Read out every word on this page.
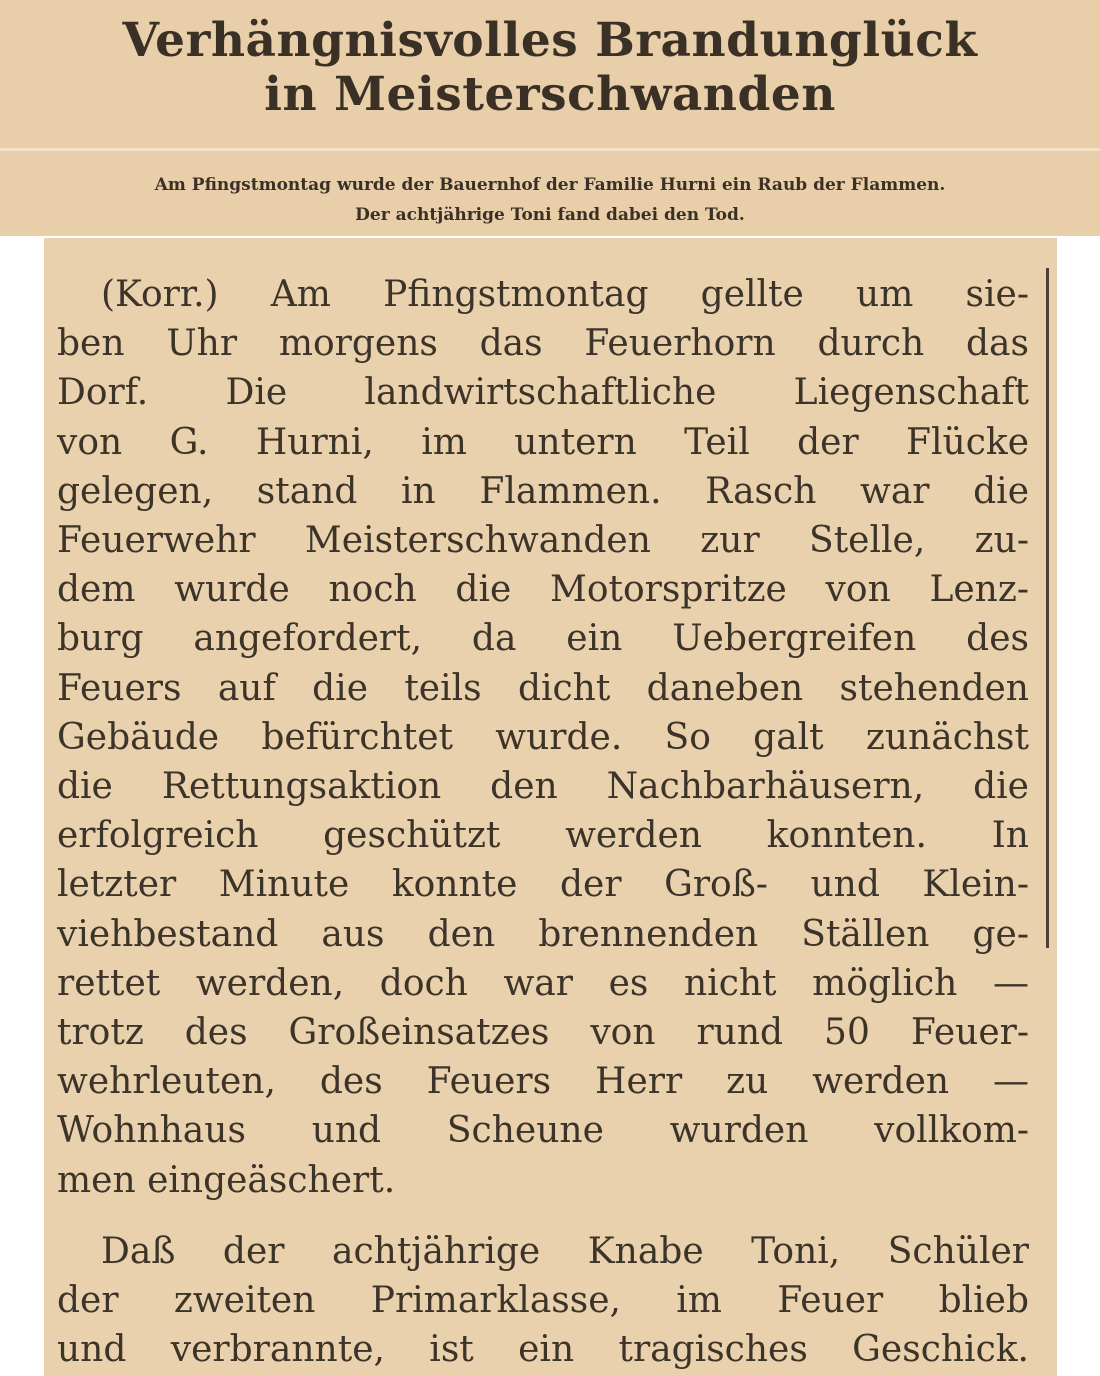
Verhängnisvolles Brandunglück
in Meisterschwanden

Am Pfingstmontag wurde der Bauernhof der Familie Hurni ein Raub der Flammen.
Der achtjährige Toni fand dabei den Tod.

(Korr.) Am Pfingstmontag gellte um sie-
ben Uhr morgens das Feuerhorn durch das
Dorf. Die landwirtschaftliche Liegenschaft
von G. Hurni, im untern Teil der Flücke
gelegen, stand in Flammen. Rasch war die
Feuerwehr Meisterschwanden zur Stelle, zu-
dem wurde noch die Motorspritze von Lenz-
burg angefordert, da ein Uebergreifen des
Feuers auf die teils dicht daneben stehenden
Gebäude befürchtet wurde. So galt zunächst
die Rettungsaktion den Nachbarhäusern, die
erfolgreich geschützt werden konnten. In
letzter Minute konnte der Groß- und Klein-
viehbestand aus den brennenden Ställen ge-
rettet werden, doch war es nicht möglich —
trotz des Großeinsatzes von rund 50 Feuer-
wehrleuten, des Feuers Herr zu werden —
Wohnhaus und Scheune wurden vollkom-
men eingeäschert.
Daß der achtjährige Knabe Toni, Schüler
der zweiten Primarklasse, im Feuer blieb
und verbrannte, ist ein tragisches Geschick.
